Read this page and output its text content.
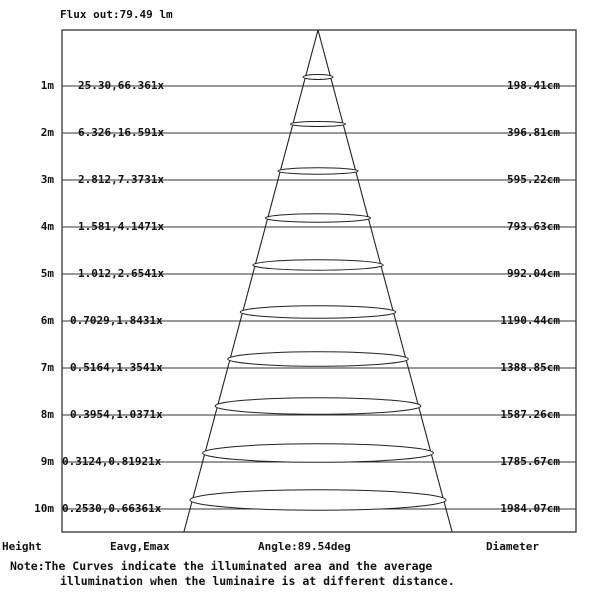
Flux out:79.49 lm
1m 25.30,66.361x	198.41cm
2m 6.326,16.591x	396.81cm
3m 2.812,7.3731x	595.22cm
4m 1.581,4.1471x	793.63cm
5m 1.012,2.6541x	992.04cm
6m 0.7029,1.8431x	1190.44cm
7m 0.5164,1.3541x	1388.85cm
8m 0.3954,1.0371x	1587.26cm
9m 0.3124,0.81921x	1785.67cm
10m 0.2530,0.66361x	1984.07cm
Height	Eavg,Emax	Angle:89.54deg	Diameter
Note:The Curves indicate the illuminated area and the average
illumination when the luminaire is at different distance.
